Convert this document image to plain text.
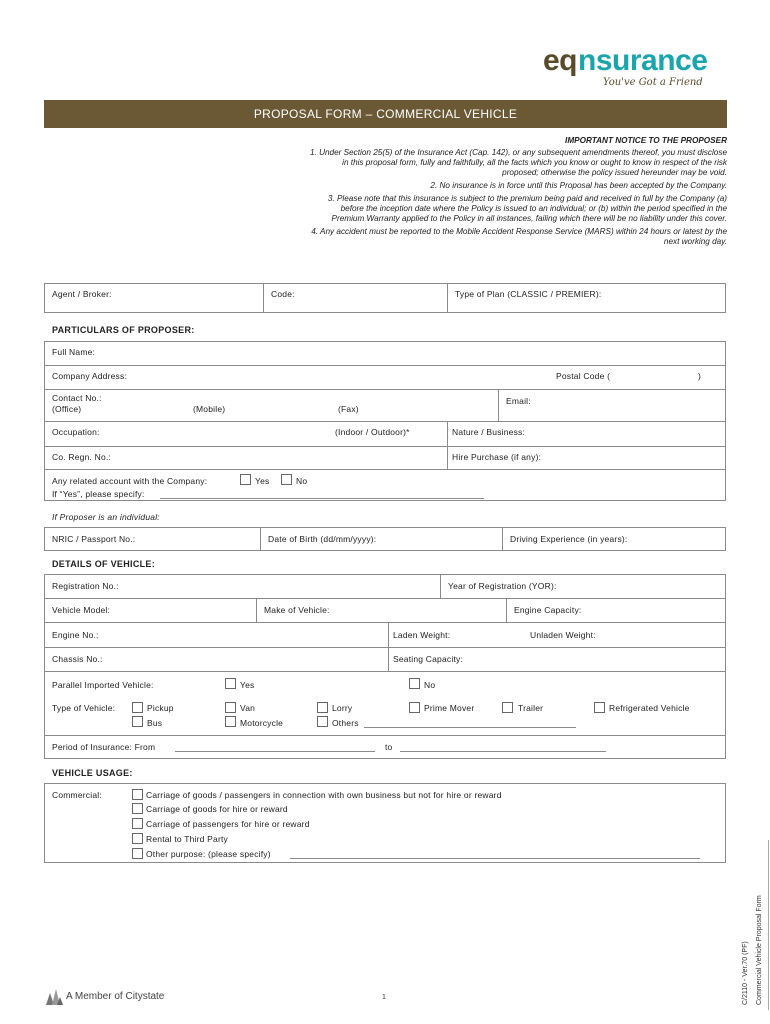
eqnsurance
You've Got a Friend
PROPOSAL FORM – COMMERCIAL VEHICLE
IMPORTANT NOTICE TO THE PROPOSER

1. Under Section 25(5) of the Insurance Act (Cap. 142), or any subsequent amendments thereof, you must disclose in this proposal form, fully and faithfully, all the facts which you know or ought to know in respect of the risk proposed; otherwise the policy issued hereunder may be void.

2. No insurance is in force until this Proposal has been accepted by the Company.

3. Please note that this insurance is subject to the premium being paid and received in full by the Company (a) before the inception date where the Policy is issued to an individual; or (b) within the period specified in the Premium Warranty applied to the Policy in all instances, failing which there will be no liability under this cover.

4. Any accident must be reported to the Mobile Accident Response Service (MARS) within 24 hours or latest by the next working day.

Agent / Broker:	Code:	Type of Plan (CLASSIC / PREMIER):
PARTICULARS OF PROPOSER:
Full Name:
Company Address:	Postal Code (	)
Contact No.:
(Office)	(Mobile)	(Fax)
Email:
Occupation:	(Indoor / Outdoor)*	Nature / Business:
Co. Regn. No.:	Hire Purchase (if any):
Any related account with the Company:	Yes	No
If “Yes”, please specify:
If Proposer is an individual:
NRIC / Passport No.:	Date of Birth (dd/mm/yyyy):	Driving Experience (in years):
DETAILS OF VEHICLE:
Registration No.:	Year of Registration (YOR):
Vehicle Model:	Make of Vehicle:	Engine Capacity:
Engine No.:	Laden Weight:	Unladen Weight:
Chassis No.:	Seating Capacity:
Parallel Imported Vehicle:	Yes	No
Type of Vehicle:	Pickup	Van	Lorry	Prime Mover	Trailer	Refrigerated Vehicle
Bus	Motorcycle	Others
Period of Insurance: From	to
VEHICLE USAGE:
Commercial:	Carriage of goods / passengers in connection with own business but not for hire or reward
Carriage of goods for hire or reward
Carriage of passengers for hire or reward
Rental to Third Party
Other purpose: (please specify)
A Member of Citystate	1	C/2110 - Ver.70 (PF) Commercial Vehicle Proposal Form
